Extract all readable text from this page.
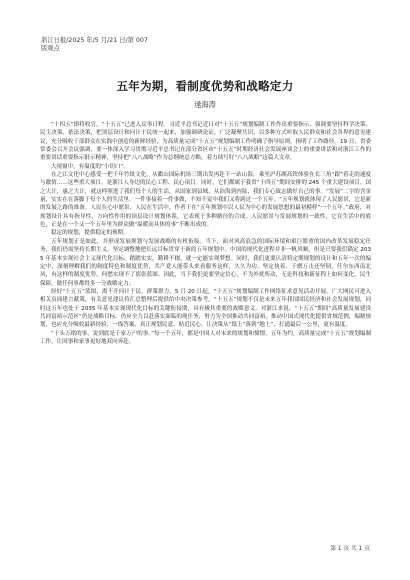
浙江日报/2025 年/5 月/21 日/第 007
版观点
五年为期，看制度优势和战略定力
逯海涛

“十四五”即将收官，“十五五”已进入议事日程。习近平总书记近日对“十五五”规划编制工作作出重要指示，强调要坚持科学决策、民主决策、依法决策，把顶层设计和问计于民统一起来，加强调研论证，广泛凝聚共识，以多种方式听取人民群众和社会各界的意见建议，充分吸收干部群众在实践中创造的新鲜经验，为高质量完成“十五五”规划编制工作明确了指导原则，指明了工作路径。19 日，省委常委会召开会议强调，要一体深入学习贯彻习近平总书记在部分省区市“十五五”时期经济社会发展座谈会上的重要讲话和对浙江工作的重要讲话重要指示批示精神，坚持把“八八战略”作为总纲统总方略，着力续写好“八八战略”这篇大文章。

大视窗中，有温度的“小切口”。

在之江文化中心感受一把千年竹纸文化，从衢山国际机场三期出发再赴下一站山海，乘坐沪苏湖高铁体验在长三角“跟”着走的速度与激情……这些重大项目，是浙江人身边的民心工程、民心项目。同时，它们都属于我省“十四五”期间安排的 245 个重大建设项目。国之大计，惠之大计，就这样照进了我们每个人的生活，从国家到县域，从治海到内陆，我们专心致志做好自己的事。“发展”二字的含金量，实实在在落脚于每个人的生活里。一件事接着一件事做，不知不觉中我们又将跨过一个五年。“五年规划就体现了人民愿景，它是新的发展之路的准备。人民在心中愿景，人民在生活中，作者于在“五年规划中以人民为中心的发展思想的最初模样”一个五年。”政府，对规划设计具有指导性、方向性作用的顶层设计规划体系，它表现于多种路径的合成、人民愿景与发展规划的一致性，它在生活中的底色，正是在一个又一个五年里为群众做“温暖而具体的事”不断出成的。

稳定的规划，提供稳定的预期。

五年规划正是如此，并形成发展规划与发展战略的有机衔接。当下，面对风高浪急的国际环境和艰巨繁重的国内改革发展稳定任务，我们仍需坚持长期主义，坚定调整地把长远目标贯穿于新的五年规划中。中国的现代化进程并非一帆风顺，但是只要我们锚定 2035 年基本实现社会主义现代化目标，踏踏实实，勤耕不辍，就一定能实现梦想。同时，我们更要认清特定期规划的设计和五年一次的编定中，深刻理解我们的制度特色和制度优势，共产党人能带头来看服务这样，久久为功、坚定执着、千磨万击还坚韧，任尔东西南北风，有这样的制度优势，何愁实现不了那张蓝图。因此，当下我们更要坚定信心，不为外扰所动，无论科技和新征程上如何变化，民生保障，做任何事都得多一分战略定力。

经好“十五五”蓝图，离不开问计于民、群策群力，5 月 20 日起，“十五五”规划编制工作网络征求意见活动开展，广大网民可进入相关页面建言献策，有关意见建议将汇总整理后提供给中央决策参考。“十五五”规划不仅是未来五年我国国民经济和社会发展规划，同时这五年也处于 2035 年基本实现现代化目标的关键衔接期，具有极其重要的战略意义。对浙江来说，“十五五”期间“高质量发展建设共同富裕示范区”仍是战略目标，仍应全力以赴落实面临的现任务，努力为全国推动共同富裕，推动中国式现代化提供省域范例，编制规划，也应充分吸收最新经验、一线答案，真正规划民意、贴近民心，让决策从“纸上”落到“地上”，打通最后一公里，更有温度。

“千头万绪的事，说到底是千家万户的事。”每一个五年，都是中国人对未来的规划和憧憬，五年为约，高质量完成“十五五”规划编制工作，让国事和家事更好地双向奔赴。

第 1 页 共 1 页
